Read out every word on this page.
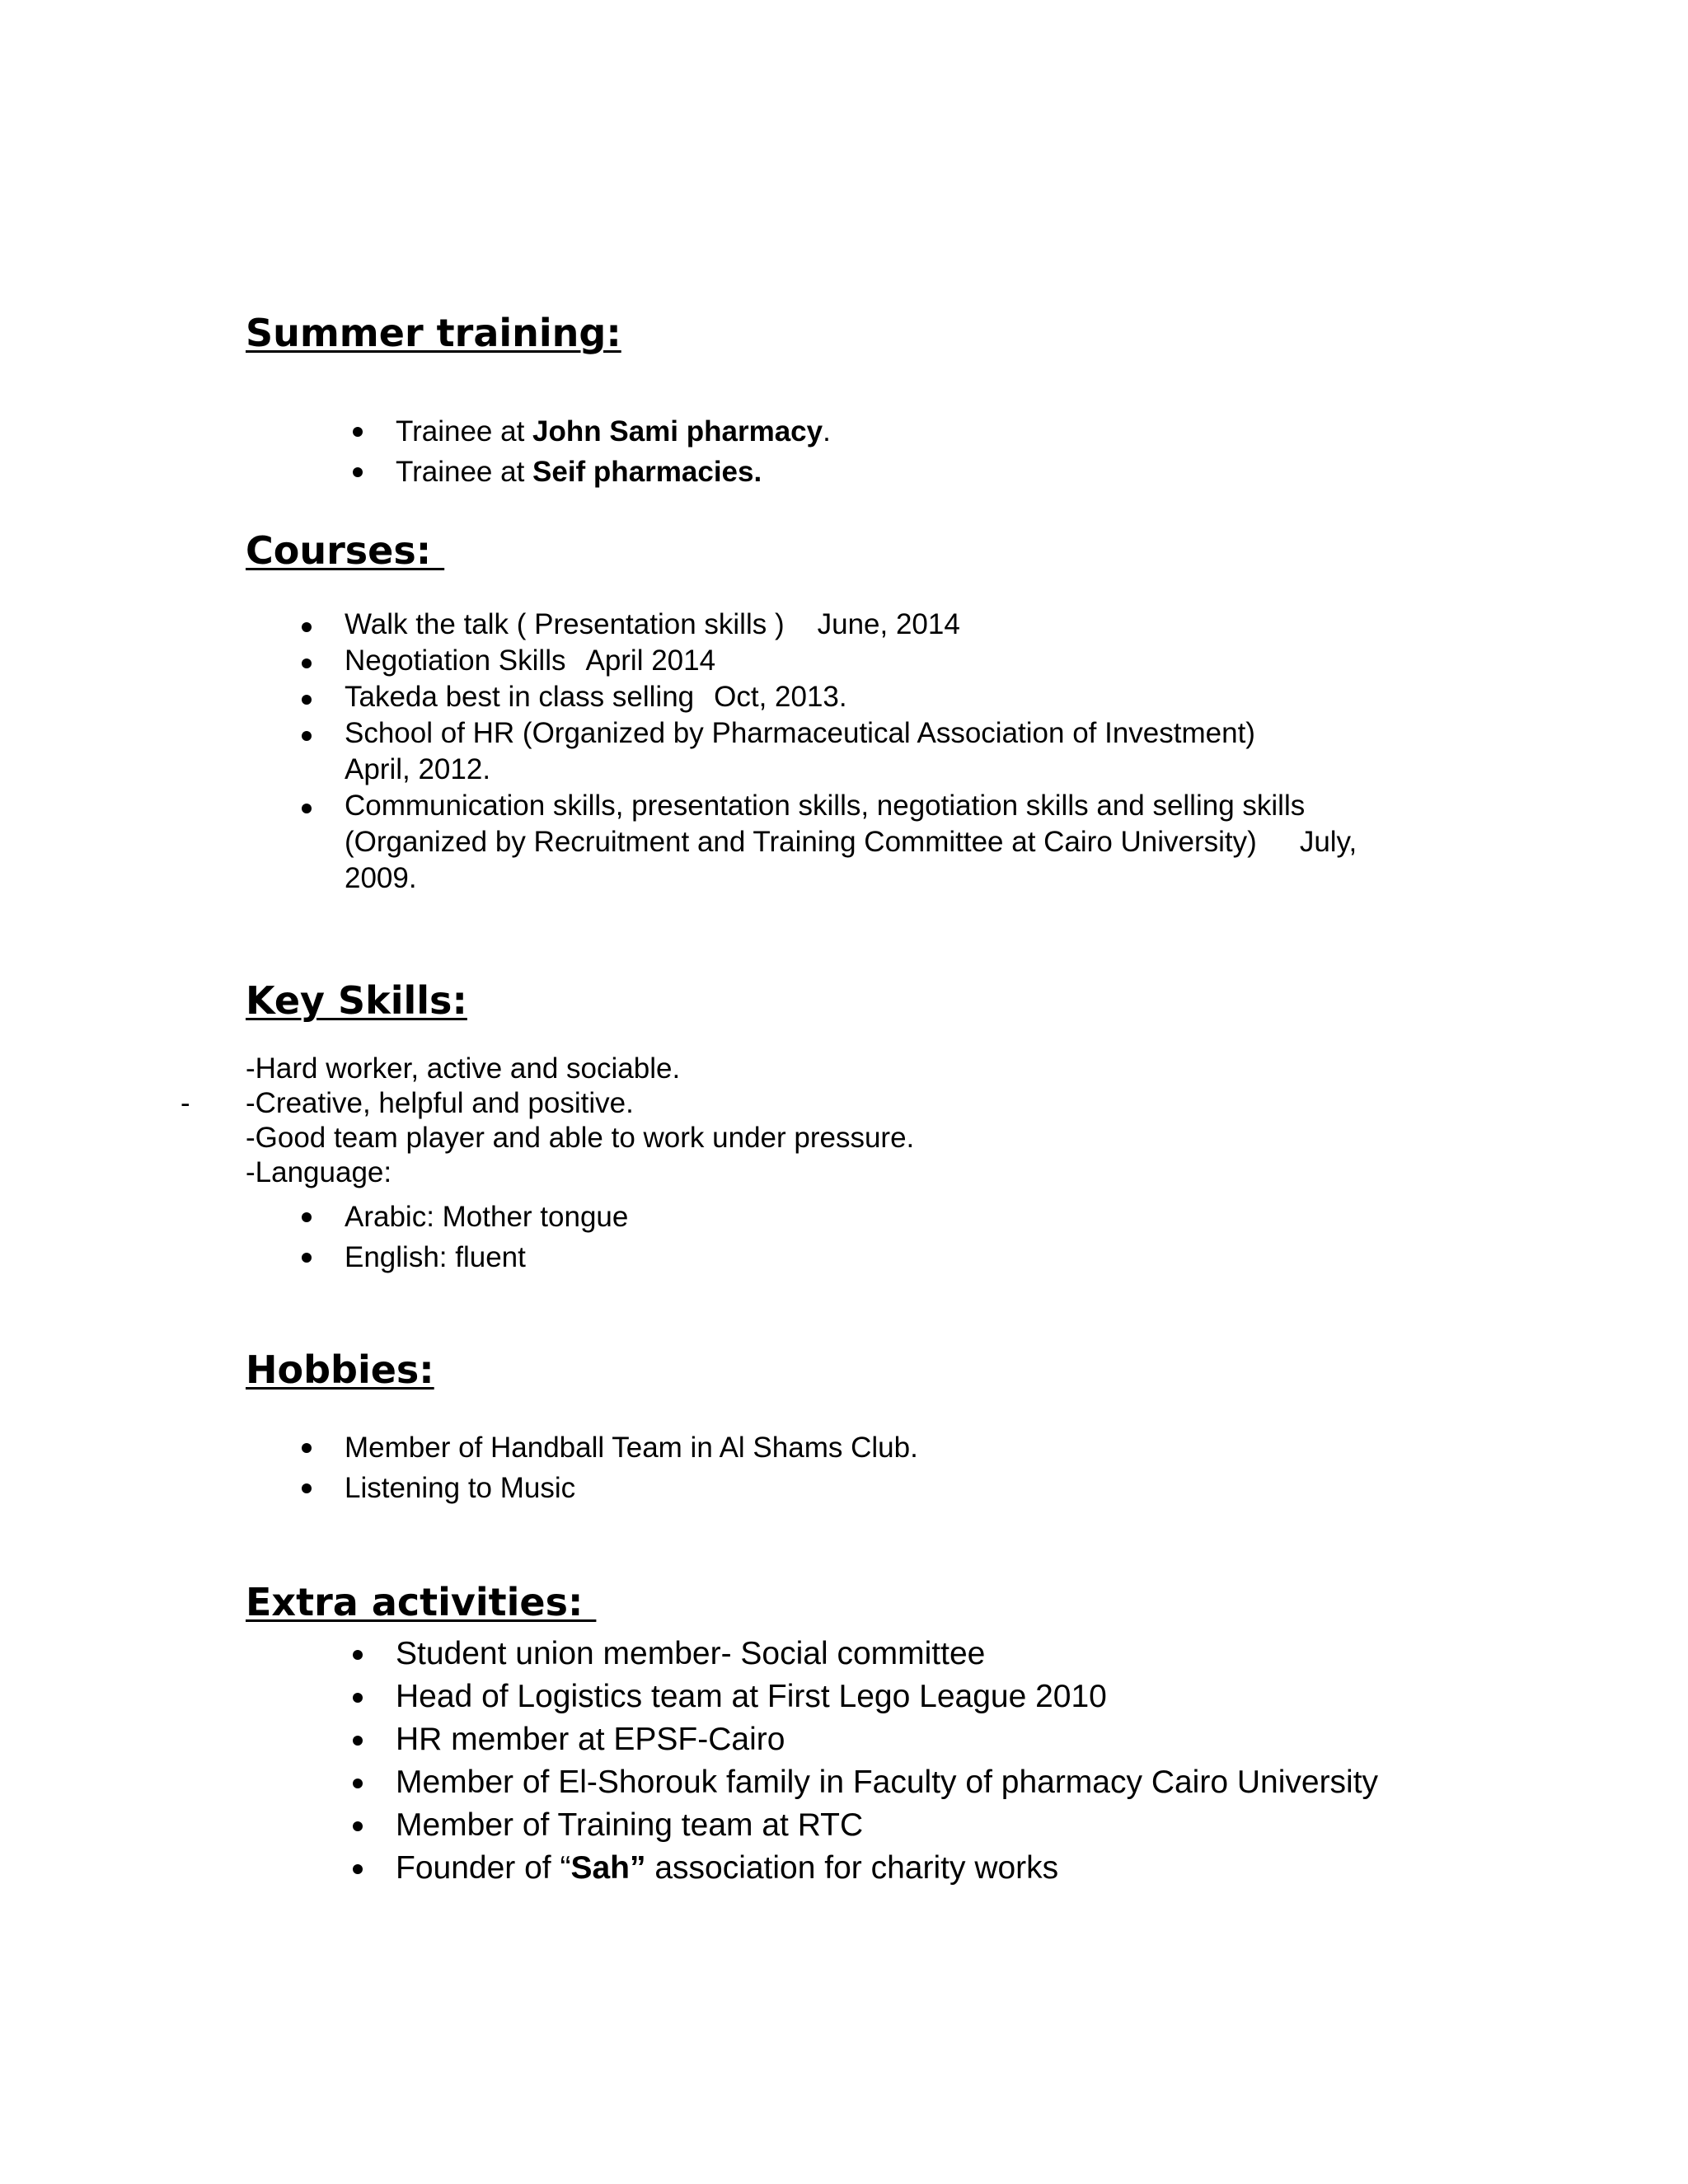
Summer training:
Trainee at John Sami pharmacy.
Trainee at Seif pharmacies.
Courses:
Walk the talk ( Presentation skills ) June, 2014
Negotiation Skills April 2014
Takeda best in class selling Oct, 2013.
School of HR (Organized by Pharmaceutical Association of Investment)
April, 2012.
Communication skills, presentation skills, negotiation skills and selling skills
(Organized by Recruitment and Training Committee at Cairo University) July,
2009.
Key Skills:
-
-Hard worker, active and sociable.
-Creative, helpful and positive.
-Good team player and able to work under pressure.
-Language:
Arabic: Mother tongue
English: fluent
Hobbies:
Member of Handball Team in Al Shams Club.
Listening to Music
Extra activities:
Student union member- Social committee
Head of Logistics team at First Lego League 2010
HR member at EPSF-Cairo
Member of El-Shorouk family in Faculty of pharmacy Cairo University
Member of Training team at RTC
Founder of “Sah” association for charity works
